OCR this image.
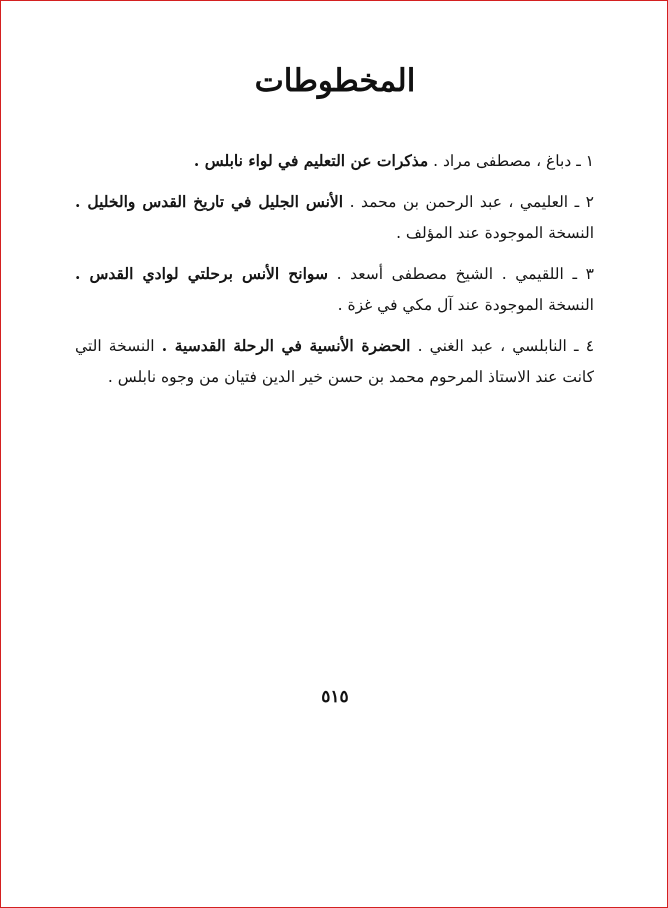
المخطوطات

١ ـ دباغ ، مصطفى مراد . مذكرات عن التعليم في لواء نابلس .

٢ ـ العليمي ، عبد الرحمن بن محمد . الأنس الجليل في تاريخ القدس والخليل . النسخة الموجودة عند المؤلف .

٣ ـ اللقيمي . الشيخ مصطفى أسعد . سوانح الأنس برحلتي لوادي القدس . النسخة الموجودة عند آل مكي في غزة .

٤ ـ النابلسي ، عبد الغني . الحضرة الأنسية في الرحلة القدسية . النسخة التي كانت عند الاستاذ المرحوم محمد بن حسن خير الدين فتيان من وجوه نابلس .

٥١٥
